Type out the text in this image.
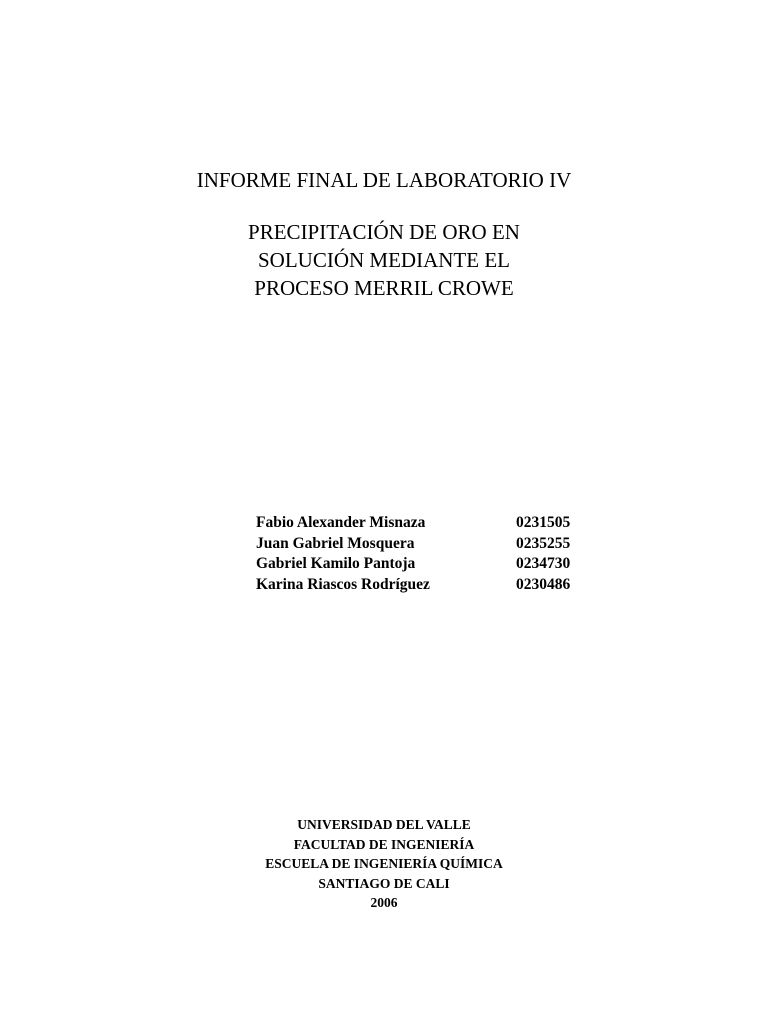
INFORME FINAL DE LABORATORIO IV
PRECIPITACIÓN DE ORO EN
SOLUCIÓN MEDIANTE EL
PROCESO MERRIL CROWE
Fabio Alexander Misnaza	0231505
Juan Gabriel Mosquera	0235255
Gabriel Kamilo Pantoja	0234730
Karina Riascos Rodríguez	0230486
UNIVERSIDAD DEL VALLE
FACULTAD DE INGENIERÍA
ESCUELA DE INGENIERÍA QUÍMICA
SANTIAGO DE CALI
2006
